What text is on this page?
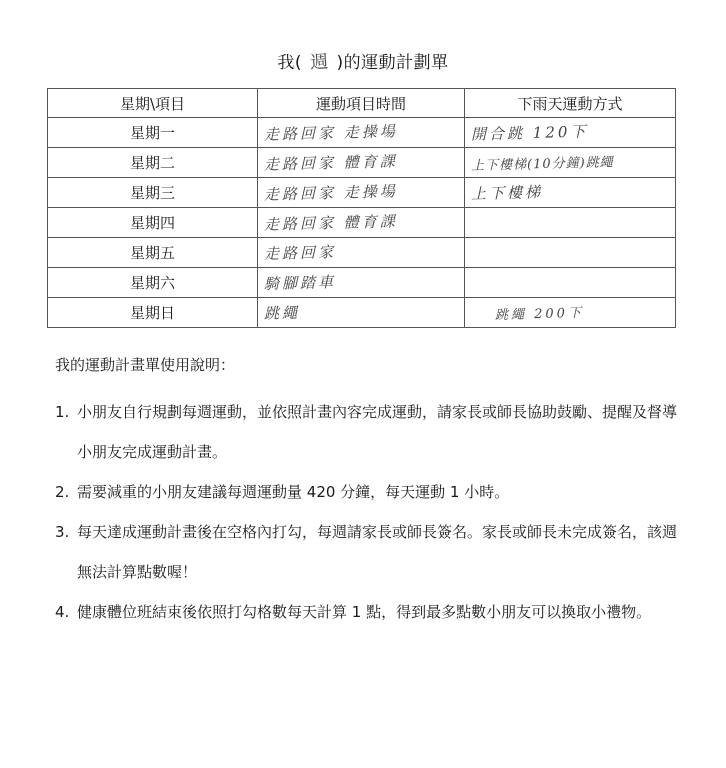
我( 週 )的運動計劃單
星期\項目	運動項目時間	下雨天運動方式
星期一	走路回家 走操場	開合跳 120下
星期二	走路回家 體育課	上下樓梯(10分鐘)跳繩
星期三	走路回家 走操場	上下樓梯
星期四	走路回家 體育課	
星期五	走路回家	
星期六	騎腳踏車	
星期日	跳繩	跳繩 200下
我的運動計畫單使用說明：
1. 小朋友自行規劃每週運動，並依照計畫內容完成運動，請家長或師長協助鼓勵、提醒及督導小朋友完成運動計畫。
2. 需要減重的小朋友建議每週運動量 420 分鐘，每天運動 1 小時。
3. 每天達成運動計畫後在空格內打勾，每週請家長或師長簽名。家長或師長未完成簽名，該週無法計算點數喔！
4. 健康體位班結束後依照打勾格數每天計算 1 點，得到最多點數小朋友可以換取小禮物。
